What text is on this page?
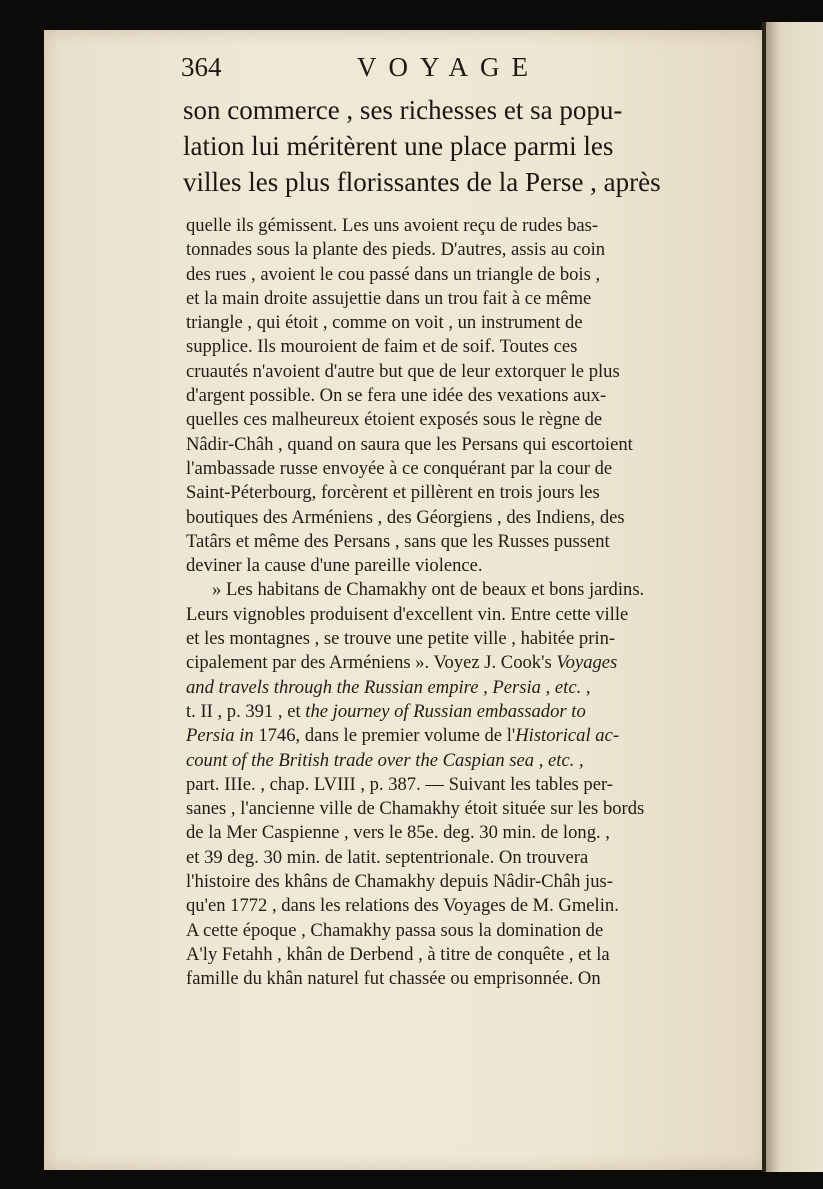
364	VOYAGE

son commerce , ses richesses et sa popu-
lation lui méritèrent une place parmi les
villes les plus florissantes de la Perse , après

quelle ils gémissent. Les uns avoient reçu de rudes bas-
tonnades sous la plante des pieds. D'autres, assis au coin
des rues , avoient le cou passé dans un triangle de bois ,
et la main droite assujettie dans un trou fait à ce même
triangle , qui étoit , comme on voit , un instrument de
supplice. Ils mouroient de faim et de soif. Toutes ces
cruautés n'avoient d'autre but que de leur extorquer le plus
d'argent possible. On se fera une idée des vexations aux-
quelles ces malheureux étoient exposés sous le règne de
Nâdir-Châh , quand on saura que les Persans qui escortoient
l'ambassade russe envoyée à ce conquérant par la cour de
Saint-Péterbourg, forcèrent et pillèrent en trois jours les
boutiques des Arméniens , des Géorgiens , des Indiens, des
Tatârs et même des Persans , sans que les Russes pussent
deviner la cause d'une pareille violence.
» Les habitans de Chamakhy ont de beaux et bons jardins.
Leurs vignobles produisent d'excellent vin. Entre cette ville
et les montagnes , se trouve une petite ville , habitée prin-
cipalement par des Arméniens ». Voyez J. Cook's Voyages
and travels through the Russian empire , Persia , etc. ,
t. II , p. 391 , et the journey of Russian embassador to
Persia in 1746, dans le premier volume de l'Historical ac-
count of the British trade over the Caspian sea , etc. ,
part. IIIe. , chap. LVIII , p. 387. — Suivant les tables per-
sanes , l'ancienne ville de Chamakhy étoit située sur les bords
de la Mer Caspienne , vers le 85e. deg. 30 min. de long. ,
et 39 deg. 30 min. de latit. septentrionale. On trouvera
l'histoire des khâns de Chamakhy depuis Nâdir-Châh jus-
qu'en 1772 , dans les relations des Voyages de M. Gmelin.
A cette époque , Chamakhy passa sous la domination de
A'ly Fetahh , khân de Derbend , à titre de conquête , et la
famille du khân naturel fut chassée ou emprisonnée. On
